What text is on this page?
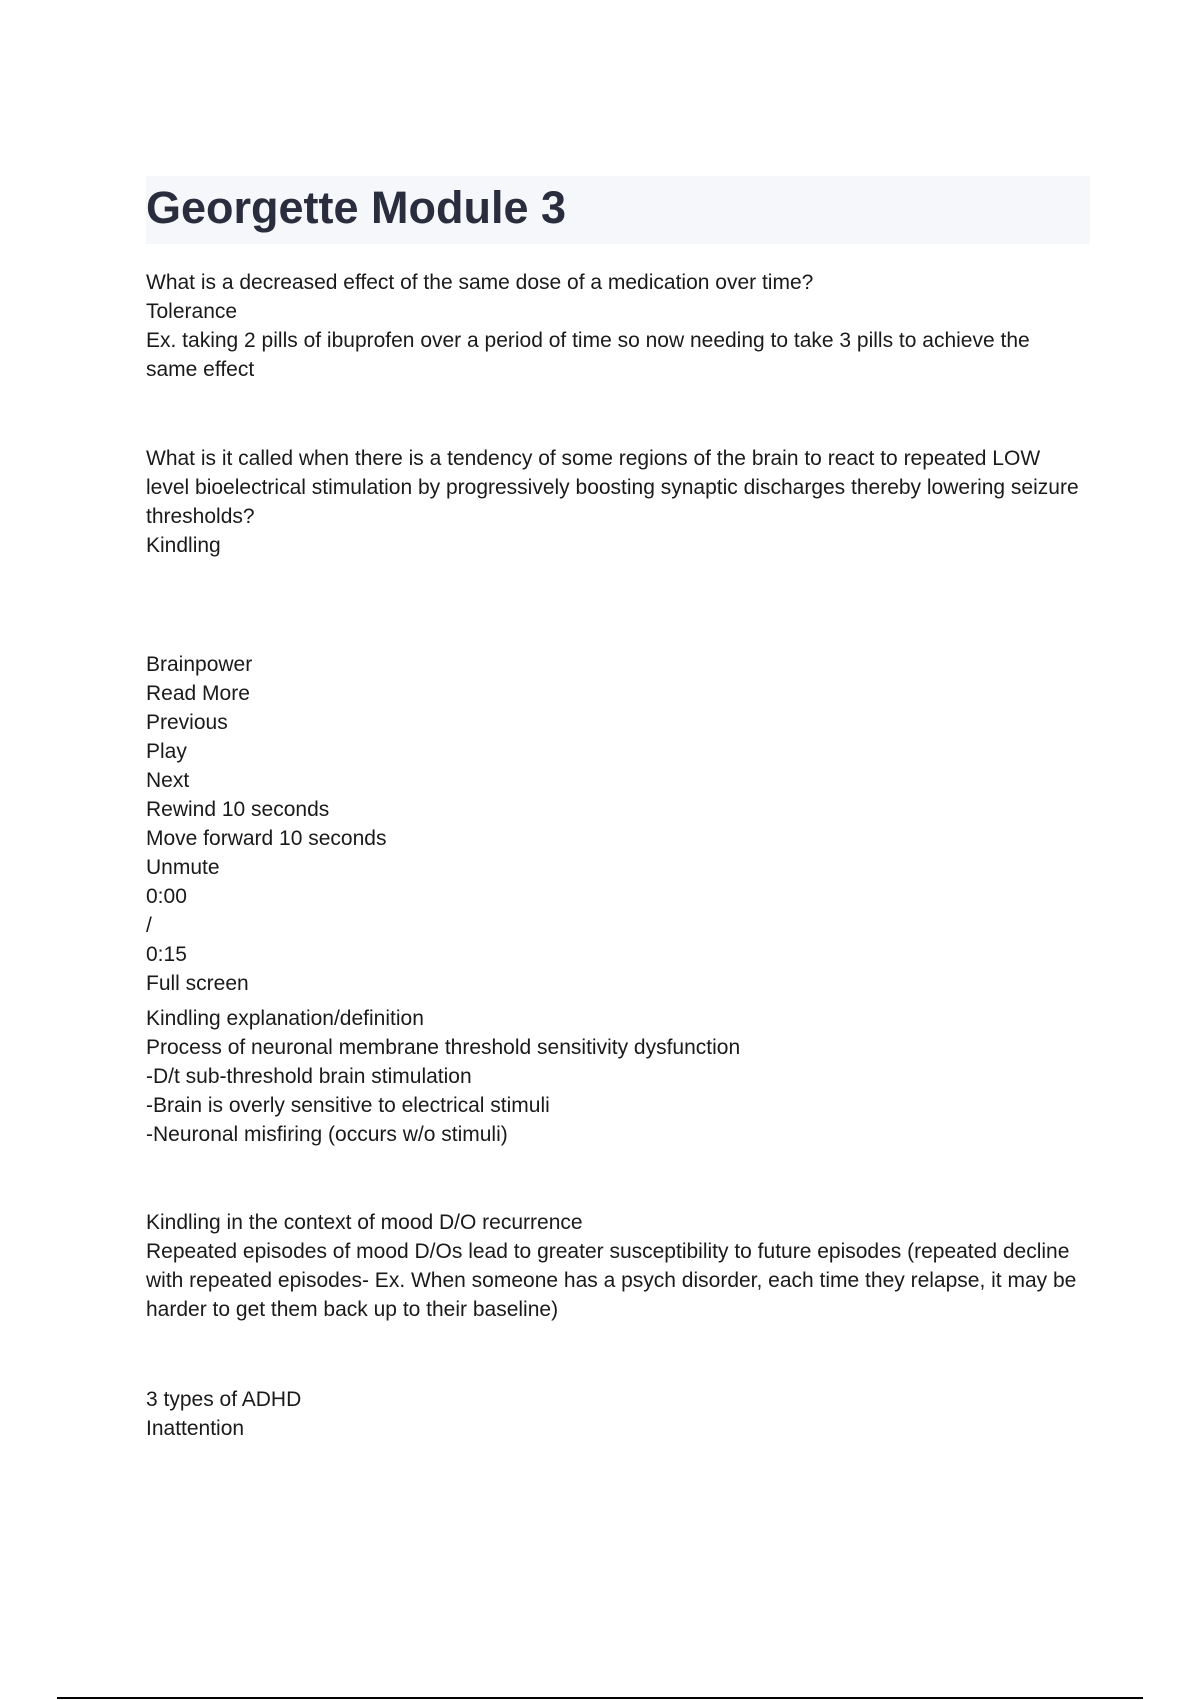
Georgette Module 3
What is a decreased effect of the same dose of a medication over time?
Tolerance
Ex. taking 2 pills of ibuprofen over a period of time so now needing to take 3 pills to achieve the same effect
What is it called when there is a tendency of some regions of the brain to react to repeated LOW level bioelectrical stimulation by progressively boosting synaptic discharges thereby lowering seizure thresholds?
Kindling
Brainpower
Read More
Previous
Play
Next
Rewind 10 seconds
Move forward 10 seconds
Unmute
0:00
/
0:15
Full screen
Kindling explanation/definition
Process of neuronal membrane threshold sensitivity dysfunction
-D/t sub-threshold brain stimulation
-Brain is overly sensitive to electrical stimuli
-Neuronal misfiring (occurs w/o stimuli)
Kindling in the context of mood D/O recurrence
Repeated episodes of mood D/Os lead to greater susceptibility to future episodes (repeated decline with repeated episodes- Ex. When someone has a psych disorder, each time they relapse, it may be harder to get them back up to their baseline)
3 types of ADHD
Inattention
